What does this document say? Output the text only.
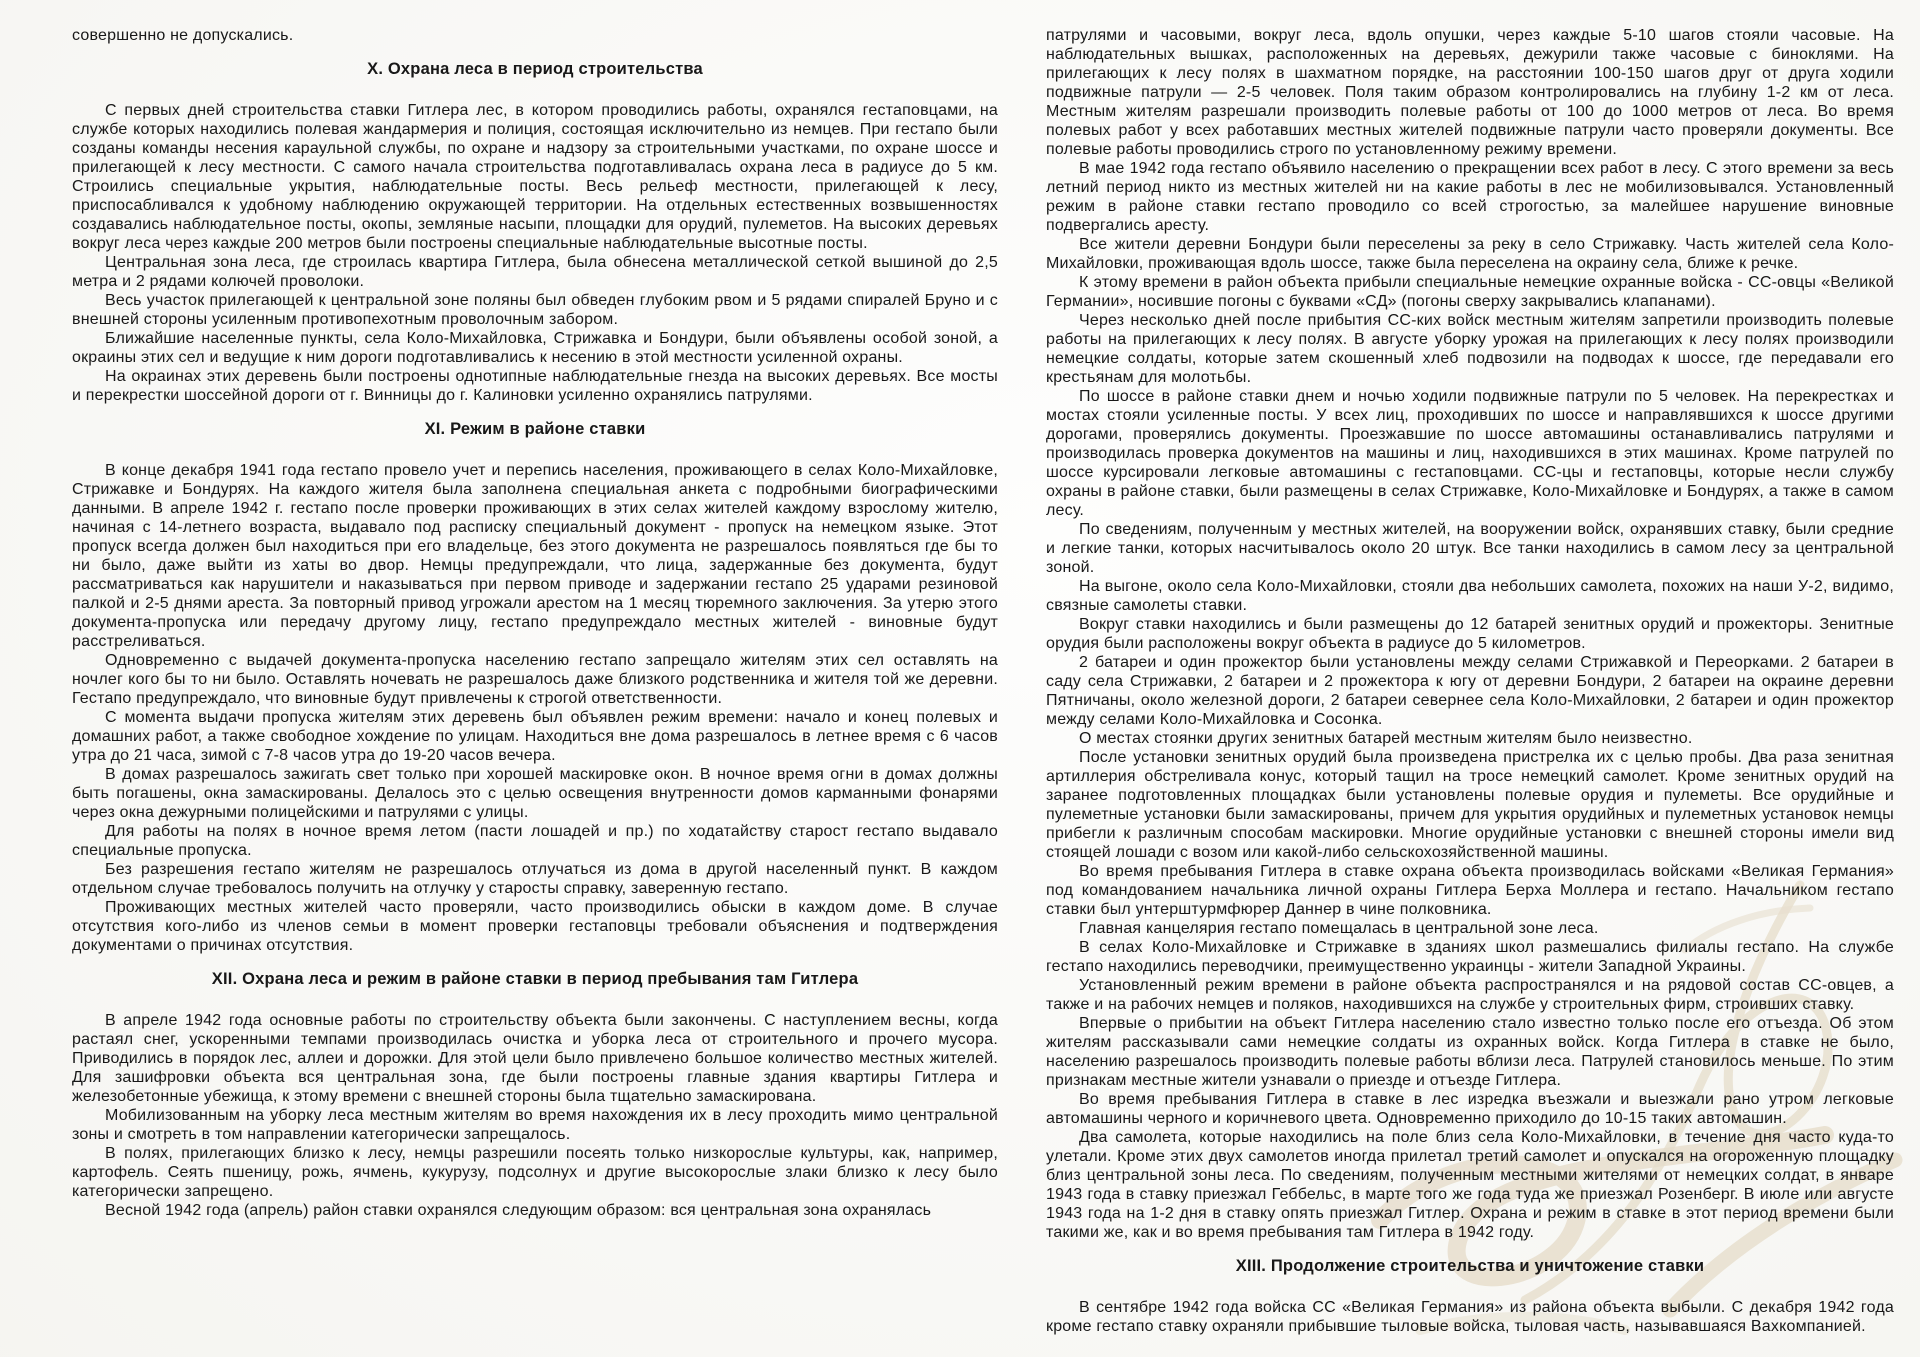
совершенно не допускались.

X. Охрана леса в период строительства

С первых дней строительства ставки Гитлера лес, в котором проводились работы, охранялся гестаповцами, на службе которых находились полевая жандармерия и полиция, состоящая исключительно из немцев. При гестапо были созданы команды несения караульной службы, по охране и надзору за строительными участками, по охране шоссе и прилегающей к лесу местности. С самого начала строительства подготавливалась охрана леса в радиусе до 5 км. Строились специальные укрытия, наблюдательные посты. Весь рельеф местности, прилегающей к лесу, приспосабливался к удобному наблюдению окружающей территории. На отдельных естественных возвышенностях создавались наблюдательное посты, окопы, земляные насыпи, площадки для орудий, пулеметов. На высоких деревьях вокруг леса через каждые 200 метров были построены специальные наблюдательные высотные посты.

Центральная зона леса, где строилась квартира Гитлера, была обнесена металлической сеткой вышиной до 2,5 метра и 2 рядами колючей проволоки.

Весь участок прилегающей к центральной зоне поляны был обведен глубоким рвом и 5 рядами спиралей Бруно и с внешней стороны усиленным противопехотным проволочным забором.

Ближайшие населенные пункты, села Коло-Михайловка, Стрижавка и Бондури, были объявлены особой зоной, а окраины этих сел и ведущие к ним дороги подготавливались к несению в этой местности усиленной охраны.

На окраинах этих деревень были построены однотипные наблюдательные гнезда на высоких деревьях. Все мосты и перекрестки шоссейной дороги от г. Винницы до г. Калиновки усиленно охранялись патрулями.

XI. Режим в районе ставки

В конце декабря 1941 года гестапо провело учет и перепись населения, проживающего в селах Коло-Михайловке, Стрижавке и Бондурях. На каждого жителя была заполнена специальная анкета с подробными биографическими данными. В апреле 1942 г. гестапо после проверки проживающих в этих селах жителей каждому взрослому жителю, начиная с 14-летнего возраста, выдавало под расписку специальный документ - пропуск на немецком языке. Этот пропуск всегда должен был находиться при его владельце, без этого документа не разрешалось появляться где бы то ни было, даже выйти из хаты во двор. Немцы предупреждали, что лица, задержанные без документа, будут рассматриваться как нарушители и наказываться при первом приводе и задержании гестапо 25 ударами резиновой палкой и 2-5 днями ареста. За повторный привод угрожали арестом на 1 месяц тюремного заключения. За утерю этого документа-пропуска или передачу другому лицу, гестапо предупреждало местных жителей - виновные будут расстреливаться.

Одновременно с выдачей документа-пропуска населению гестапо запрещало жителям этих сел оставлять на ночлег кого бы то ни было. Оставлять ночевать не разрешалось даже близкого родственника и жителя той же деревни. Гестапо предупреждало, что виновные будут привлечены к строгой ответственности.

С момента выдачи пропуска жителям этих деревень был объявлен режим времени: начало и конец полевых и домашних работ, а также свободное хождение по улицам. Находиться вне дома разрешалось в летнее время с 6 часов утра до 21 часа, зимой с 7-8 часов утра до 19-20 часов вечера.

В домах разрешалось зажигать свет только при хорошей маскировке окон. В ночное время огни в домах должны быть погашены, окна замаскированы. Делалось это с целью освещения внутренности домов карманными фонарями через окна дежурными полицейскими и патрулями с улицы.

Для работы на полях в ночное время летом (пасти лошадей и пр.) по ходатайству старост гестапо выдавало специальные пропуска.

Без разрешения гестапо жителям не разрешалось отлучаться из дома в другой населенный пункт. В каждом отдельном случае требовалось получить на отлучку у старосты справку, заверенную гестапо.

Проживающих местных жителей часто проверяли, часто производились обыски в каждом доме. В случае отсутствия кого-либо из членов семьи в момент проверки гестаповцы требовали объяснения и подтверждения документами о причинах отсутствия.

XII. Охрана леса и режим в районе ставки в период пребывания там Гитлера

В апреле 1942 года основные работы по строительству объекта были закончены. С наступлением весны, когда растаял снег, ускоренными темпами производилась очистка и уборка леса от строительного и прочего мусора. Приводились в порядок лес, аллеи и дорожки. Для этой цели было привлечено большое количество местных жителей. Для зашифровки объекта вся центральная зона, где были построены главные здания квартиры Гитлера и железобетонные убежища, к этому времени с внешней стороны была тщательно замаскирована.

Мобилизованным на уборку леса местным жителям во время нахождения их в лесу проходить мимо центральной зоны и смотреть в том направлении категорически запрещалось.

В полях, прилегающих близко к лесу, немцы разрешили посеять только низкорослые культуры, как, например, картофель. Сеять пшеницу, рожь, ячмень, кукурузу, подсолнух и другие высокорослые злаки близко к лесу было категорически запрещено.

Весной 1942 года (апрель) район ставки охранялся следующим образом: вся центральная зона охранялась

патрулями и часовыми, вокруг леса, вдоль опушки, через каждые 5-10 шагов стояли часовые. На наблюдательных вышках, расположенных на деревьях, дежурили также часовые с биноклями. На прилегающих к лесу полях в шахматном порядке, на расстоянии 100-150 шагов друг от друга ходили подвижные патрули — 2-5 человек. Поля таким образом контролировались на глубину 1-2 км от леса. Местным жителям разрешали производить полевые работы от 100 до 1000 метров от леса. Во время полевых работ у всех работавших местных жителей подвижные патрули часто проверяли документы. Все полевые работы проводились строго по установленному режиму времени.

В мае 1942 года гестапо объявило населению о прекращении всех работ в лесу. С этого времени за весь летний период никто из местных жителей ни на какие работы в лес не мобилизовывался. Установленный режим в районе ставки гестапо проводило со всей строгостью, за малейшее нарушение виновные подвергались аресту.

Все жители деревни Бондури были переселены за реку в село Стрижавку. Часть жителей села Коло-Михайловки, проживающая вдоль шоссе, также была переселена на окраину села, ближе к речке.

К этому времени в район объекта прибыли специальные немецкие охранные войска - СС-овцы «Великой Германии», носившие погоны с буквами «СД» (погоны сверху закрывались клапанами).

Через несколько дней после прибытия СС-ких войск местным жителям запретили производить полевые работы на прилегающих к лесу полях. В августе уборку урожая на прилегающих к лесу полях производили немецкие солдаты, которые затем скошенный хлеб подвозили на подводах к шоссе, где передавали его крестьянам для молотьбы.

По шоссе в районе ставки днем и ночью ходили подвижные патрули по 5 человек. На перекрестках и мостах стояли усиленные посты. У всех лиц, проходивших по шоссе и направлявшихся к шоссе другими дорогами, проверялись документы. Проезжавшие по шоссе автомашины останавливались патрулями и производилась проверка документов на машины и лиц, находившихся в этих машинах. Кроме патрулей по шоссе курсировали легковые автомашины с гестаповцами. СС-цы и гестаповцы, которые несли службу охраны в районе ставки, были размещены в селах Стрижавке, Коло-Михайловке и Бондурях, а также в самом лесу.

По сведениям, полученным у местных жителей, на вооружении войск, охранявших ставку, были средние и легкие танки, которых насчитывалось около 20 штук. Все танки находились в самом лесу за центральной зоной.

На выгоне, около села Коло-Михайловки, стояли два небольших самолета, похожих на наши У-2, видимо, связные самолеты ставки.

Вокруг ставки находились и были размещены до 12 батарей зенитных орудий и прожекторы. Зенитные орудия были расположены вокруг объекта в радиусе до 5 километров.

2 батареи и один прожектор были установлены между селами Стрижавкой и Переорками. 2 батареи в саду села Стрижавки, 2 батареи и 2 прожектора к югу от деревни Бондури, 2 батареи на окраине деревни Пятничаны, около железной дороги, 2 батареи севернее села Коло-Михайловки, 2 батареи и один прожектор между селами Коло-Михайловка и Сосонка.

О местах стоянки других зенитных батарей местным жителям было неизвестно.

После установки зенитных орудий была произведена пристрелка их с целью пробы. Два раза зенитная артиллерия обстреливала конус, который тащил на тросе немецкий самолет. Кроме зенитных орудий на заранее подготовленных площадках были установлены полевые орудия и пулеметы. Все орудийные и пулеметные установки были замаскированы, причем для укрытия орудийных и пулеметных установок немцы прибегли к различным способам маскировки. Многие орудийные установки с внешней стороны имели вид стоящей лошади с возом или какой-либо сельскохозяйственной машины.

Во время пребывания Гитлера в ставке охрана объекта производилась войсками «Великая Германия» под командованием начальника личной охраны Гитлера Берха Моллера и гестапо. Начальником гестапо ставки был унтерштурмфюрер Даннер в чине полковника.

Главная канцелярия гестапо помещалась в центральной зоне леса.

В селах Коло-Михайловке и Стрижавке в зданиях школ размешались филиалы гестапо. На службе гестапо находились переводчики, преимущественно украинцы - жители Западной Украины.

Установленный режим времени в районе объекта распространялся и на рядовой состав СС-овцев, а также и на рабочих немцев и поляков, находившихся на службе у строительных фирм, строивших ставку.

Впервые о прибытии на объект Гитлера населению стало известно только после его отъезда. Об этом жителям рассказывали сами немецкие солдаты из охранных войск. Когда Гитлера в ставке не было, населению разрешалось производить полевые работы вблизи леса. Патрулей становилось меньше. По этим признакам местные жители узнавали о приезде и отъезде Гитлера.

Во время пребывания Гитлера в ставке в лес изредка въезжали и выезжали рано утром легковые автомашины черного и коричневого цвета. Одновременно приходило до 10-15 таких автомашин.

Два самолета, которые находились на поле близ села Коло-Михайловки, в течение дня часто куда-то улетали. Кроме этих двух самолетов иногда прилетал третий самолет и опускался на огороженную площадку близ центральной зоны леса. По сведениям, полученным местными жителями от немецких солдат, в январе 1943 года в ставку приезжал Геббельс, в марте того же года туда же приезжал Розенберг. В июле или августе 1943 года на 1-2 дня в ставку опять приезжал Гитлер. Охрана и режим в ставке в этот период времени были такими же, как и во время пребывания там Гитлера в 1942 году.

XIII. Продолжение строительства и уничтожение ставки

В сентябре 1942 года войска СС «Великая Германия» из района объекта выбыли. С декабря 1942 года кроме гестапо ставку охраняли прибывшие тыловые войска, тыловая часть, называвшаяся Вахкомпанией.
